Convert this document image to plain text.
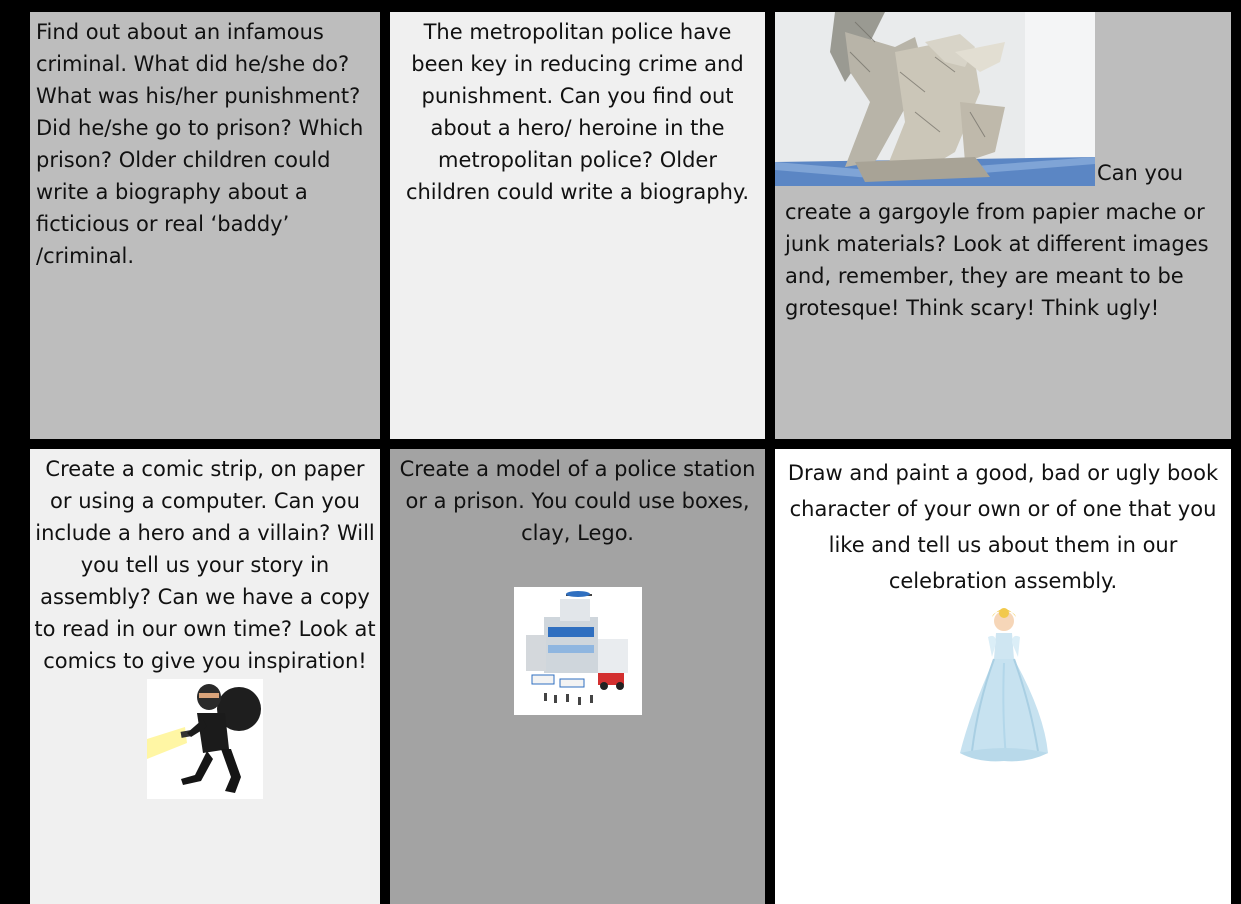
Find out about an infamous criminal. What did he/she do? What was his/her punishment? Did he/she go to prison? Which prison? Older children could write a biography about a ficticious or real ‘baddy’ /criminal.

The metropolitan police have been key in reducing crime and punishment. Can you find out about a hero/ heroine in the metropolitan police? Older children could write a biography.

Can you

create a gargoyle from papier mache or junk materials? Look at different images and, remember, they are meant to be grotesque! Think scary! Think ugly!

Create a comic strip, on paper or using a computer. Can you include a hero and a villain? Will you tell us your story in assembly? Can we have a copy to read in our own time? Look at comics to give you inspiration!

Create a model of a police station or a prison. You could use boxes, clay, Lego.

Draw and paint a good, bad or ugly book character of your own or of one that you like and tell us about them in our celebration assembly.
